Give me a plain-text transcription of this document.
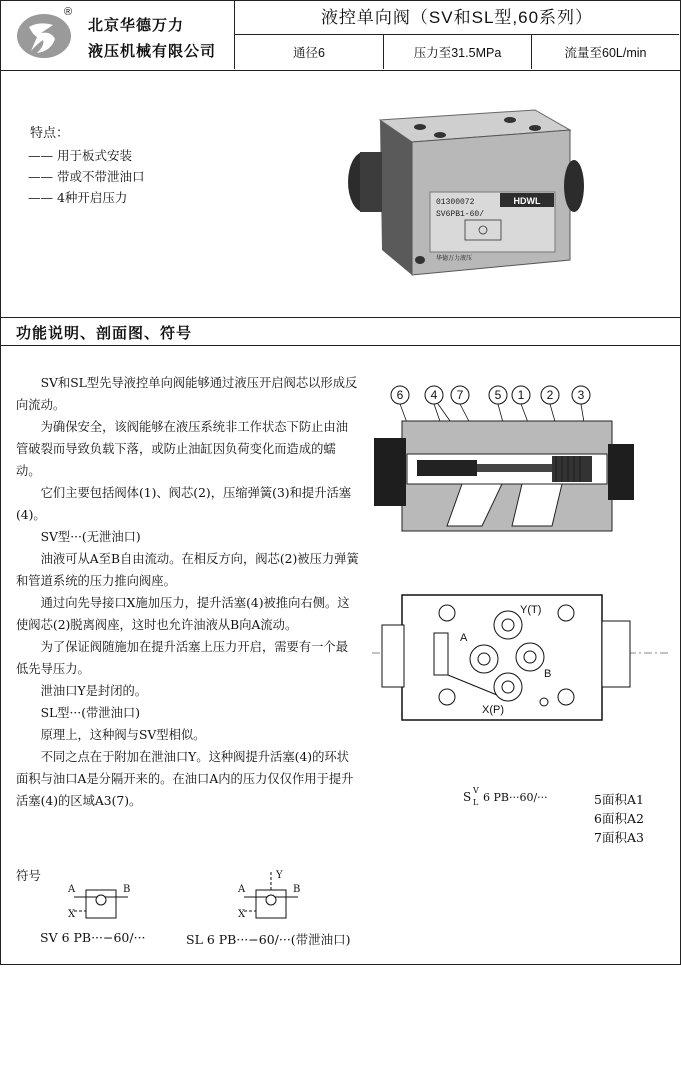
®
北京华德万力
液压机械有限公司
液控单向阀（SV和SL型,60系列）
通径6	压力至31.5MPa	流量至60L/min
特点：
—— 用于板式安装
—— 带或不带泄油口
—— 4种开启压力	HDWL
01300072
SV6PB1-60/
华德万力液压
功能说明、剖面图、符号

SV和SL型先导液控单向阀能够通过液压开启阀芯以形成反向流动。

为确保安全，该阀能够在液压系统非工作状态下防止由油管破裂而导致负载下落，或防止油缸因负荷变化而造成的蠕动。

它们主要包括阀体(1)、阀芯(2)，压缩弹簧(3)和提升活塞(4)。

SV型···(无泄油口)

油液可从A至B自由流动。在相反方向，阀芯(2)被压力弹簧和管道系统的压力推向阀座。

通过向先导接口X施加压力，提升活塞(4)被推向右侧。这使阀芯(2)脱离阀座，这时也允许油液从B向A流动。

为了保证阀随施加在提升活塞上压力开启，需要有一个最低先导压力。

泄油口Y是封闭的。

SL型···(带泄油口)

原理上，这种阀与SV型相似。

不同之点在于附加在泄油口Y。这种阀提升活塞(4)的环状面积与油口A是分隔开来的。在油口A内的压力仅仅作用于提升活塞(4)的区域A3(7)。

6 4 7	5 1 2 3
Y(T)
A
B
X(P)
S V
L 6 PB···60/···	5面积A1
6面积A2
7面积A3
符号
A	B
X
SV 6 PB···−60/···
A	B
X
Y
SL 6 PB···−60/···(带泄油口)
